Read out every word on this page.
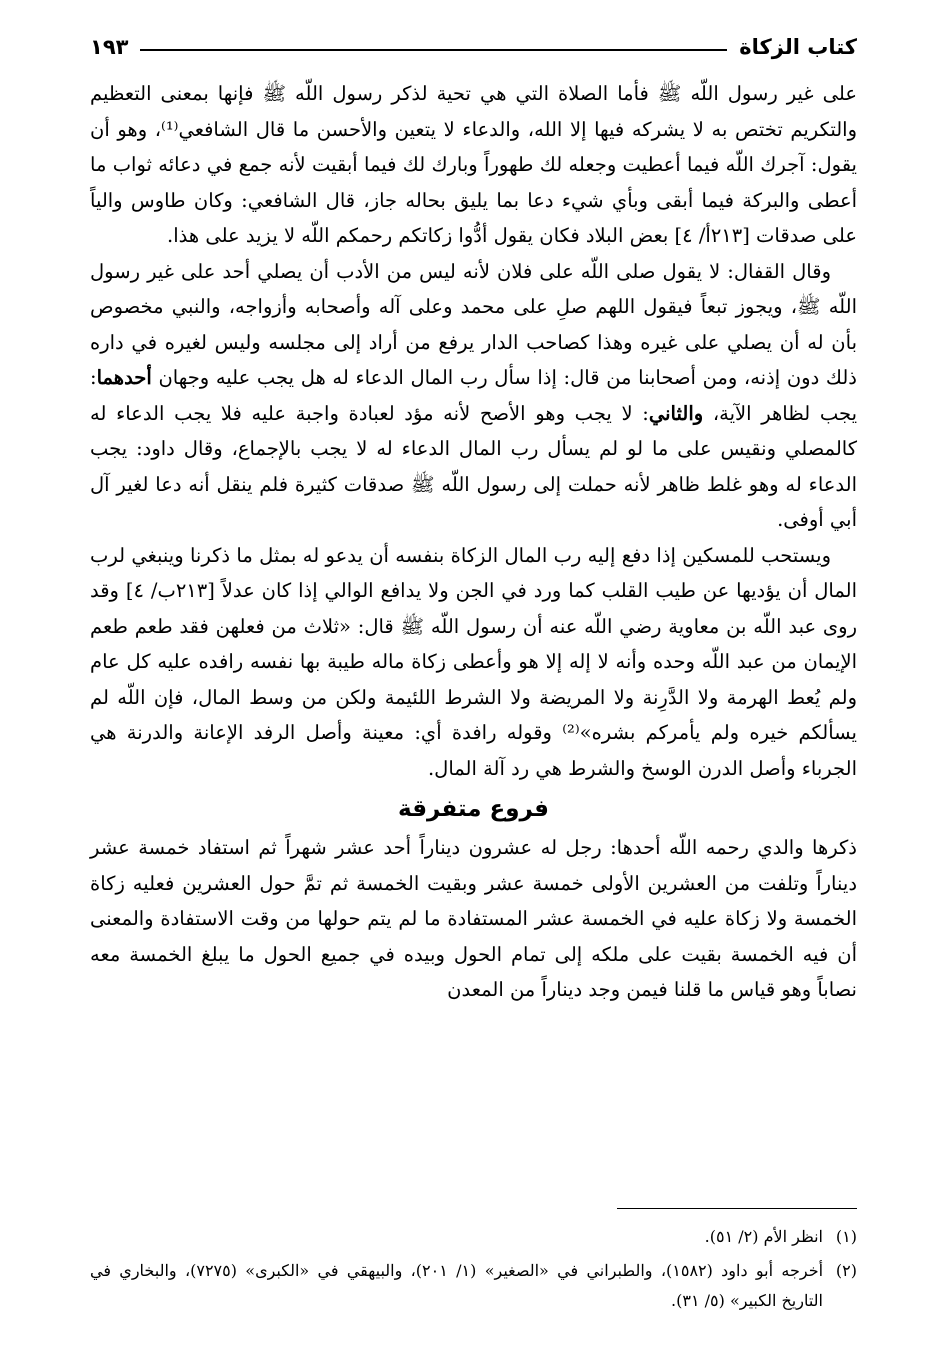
كتاب الزكاة
١٩٣

على غير رسول اللّه ﷺ فأما الصلاة التي هي تحية لذكر رسول اللّه ﷺ فإنها بمعنى التعظيم والتكريم تختص به لا يشركه فيها إلا الله، والدعاء لا يتعين والأحسن ما قال الشافعي⁽¹⁾، وهو أن يقول: آجرك اللّه فيما أعطيت وجعله لك طهوراً وبارك لك فيما أبقيت لأنه جمع في دعائه ثواب ما أعطى والبركة فيما أبقى وبأي شيء دعا بما يليق بحاله جاز، قال الشافعي: وكان طاوس والياً على صدقات [٢١٣أ/ ٤] بعض البلاد فكان يقول أدُّوا زكاتكم رحمكم اللّه لا يزيد على هذا.

وقال القفال: لا يقول صلى اللّه على فلان لأنه ليس من الأدب أن يصلي أحد على غير رسول اللّه ﷺ، ويجوز تبعاً فيقول اللهم صلِ على محمد وعلى آله وأصحابه وأزواجه، والنبي مخصوص بأن له أن يصلي على غيره وهذا كصاحب الدار يرفع من أراد إلى مجلسه وليس لغيره في داره ذلك دون إذنه، ومن أصحابنا من قال: إذا سأل رب المال الدعاء له هل يجب عليه وجهان أحدهما: يجب لظاهر الآية، والثاني: لا يجب وهو الأصح لأنه مؤد لعبادة واجبة عليه فلا يجب الدعاء له كالمصلي ونقيس على ما لو لم يسأل رب المال الدعاء له لا يجب بالإجماع، وقال داود: يجب الدعاء له وهو غلط ظاهر لأنه حملت إلى رسول اللّه ﷺ صدقات كثيرة فلم ينقل أنه دعا لغير آل أبي أوفى.

ويستحب للمسكين إذا دفع إليه رب المال الزكاة بنفسه أن يدعو له بمثل ما ذكرنا وينبغي لرب المال أن يؤديها عن طيب القلب كما ورد في الجن ولا يدافع الوالي إذا كان عدلاً [٢١٣ب/ ٤] وقد روى عبد اللّه بن معاوية رضي اللّه عنه أن رسول اللّه ﷺ قال: «ثلاث من فعلهن فقد طعم طعم الإيمان من عبد اللّه وحده وأنه لا إله إلا هو وأعطى زكاة ماله طيبة بها نفسه رافده عليه كل عام ولم يُعط الهرمة ولا الدَّرِنة ولا المريضة ولا الشرط اللئيمة ولكن من وسط المال، فإن اللّه لم يسألكم خيره ولم يأمركم بشره»⁽²⁾ وقوله رافدة أي: معينة وأصل الرفد الإعانة والدرنة هي الجرباء وأصل الدرن الوسخ والشرط هي رد آلة المال.

فروع متفرقة

ذكرها والدي رحمه اللّه أحدها: رجل له عشرون ديناراً أحد عشر شهراً ثم استفاد خمسة عشر ديناراً وتلفت من العشرين الأولى خمسة عشر وبقيت الخمسة ثم تمَّ حول العشرين فعليه زكاة الخمسة ولا زكاة عليه في الخمسة عشر المستفادة ما لم يتم حولها من وقت الاستفادة والمعنى أن فيه الخمسة بقيت على ملكه إلى تمام الحول وبيده في جميع الحول ما يبلغ الخمسة معه نصاباً وهو قياس ما قلنا فيمن وجد ديناراً من المعدن

(١)
انظر الأم (٢/ ٥١).
(٢)
أخرجه أبو داود (١٥٨٢)، والطبراني في «الصغير» (١/ ٢٠١)، والبيهقي في «الكبرى» (٧٢٧٥)، والبخاري في التاريخ الكبير» (٥/ ٣١).
